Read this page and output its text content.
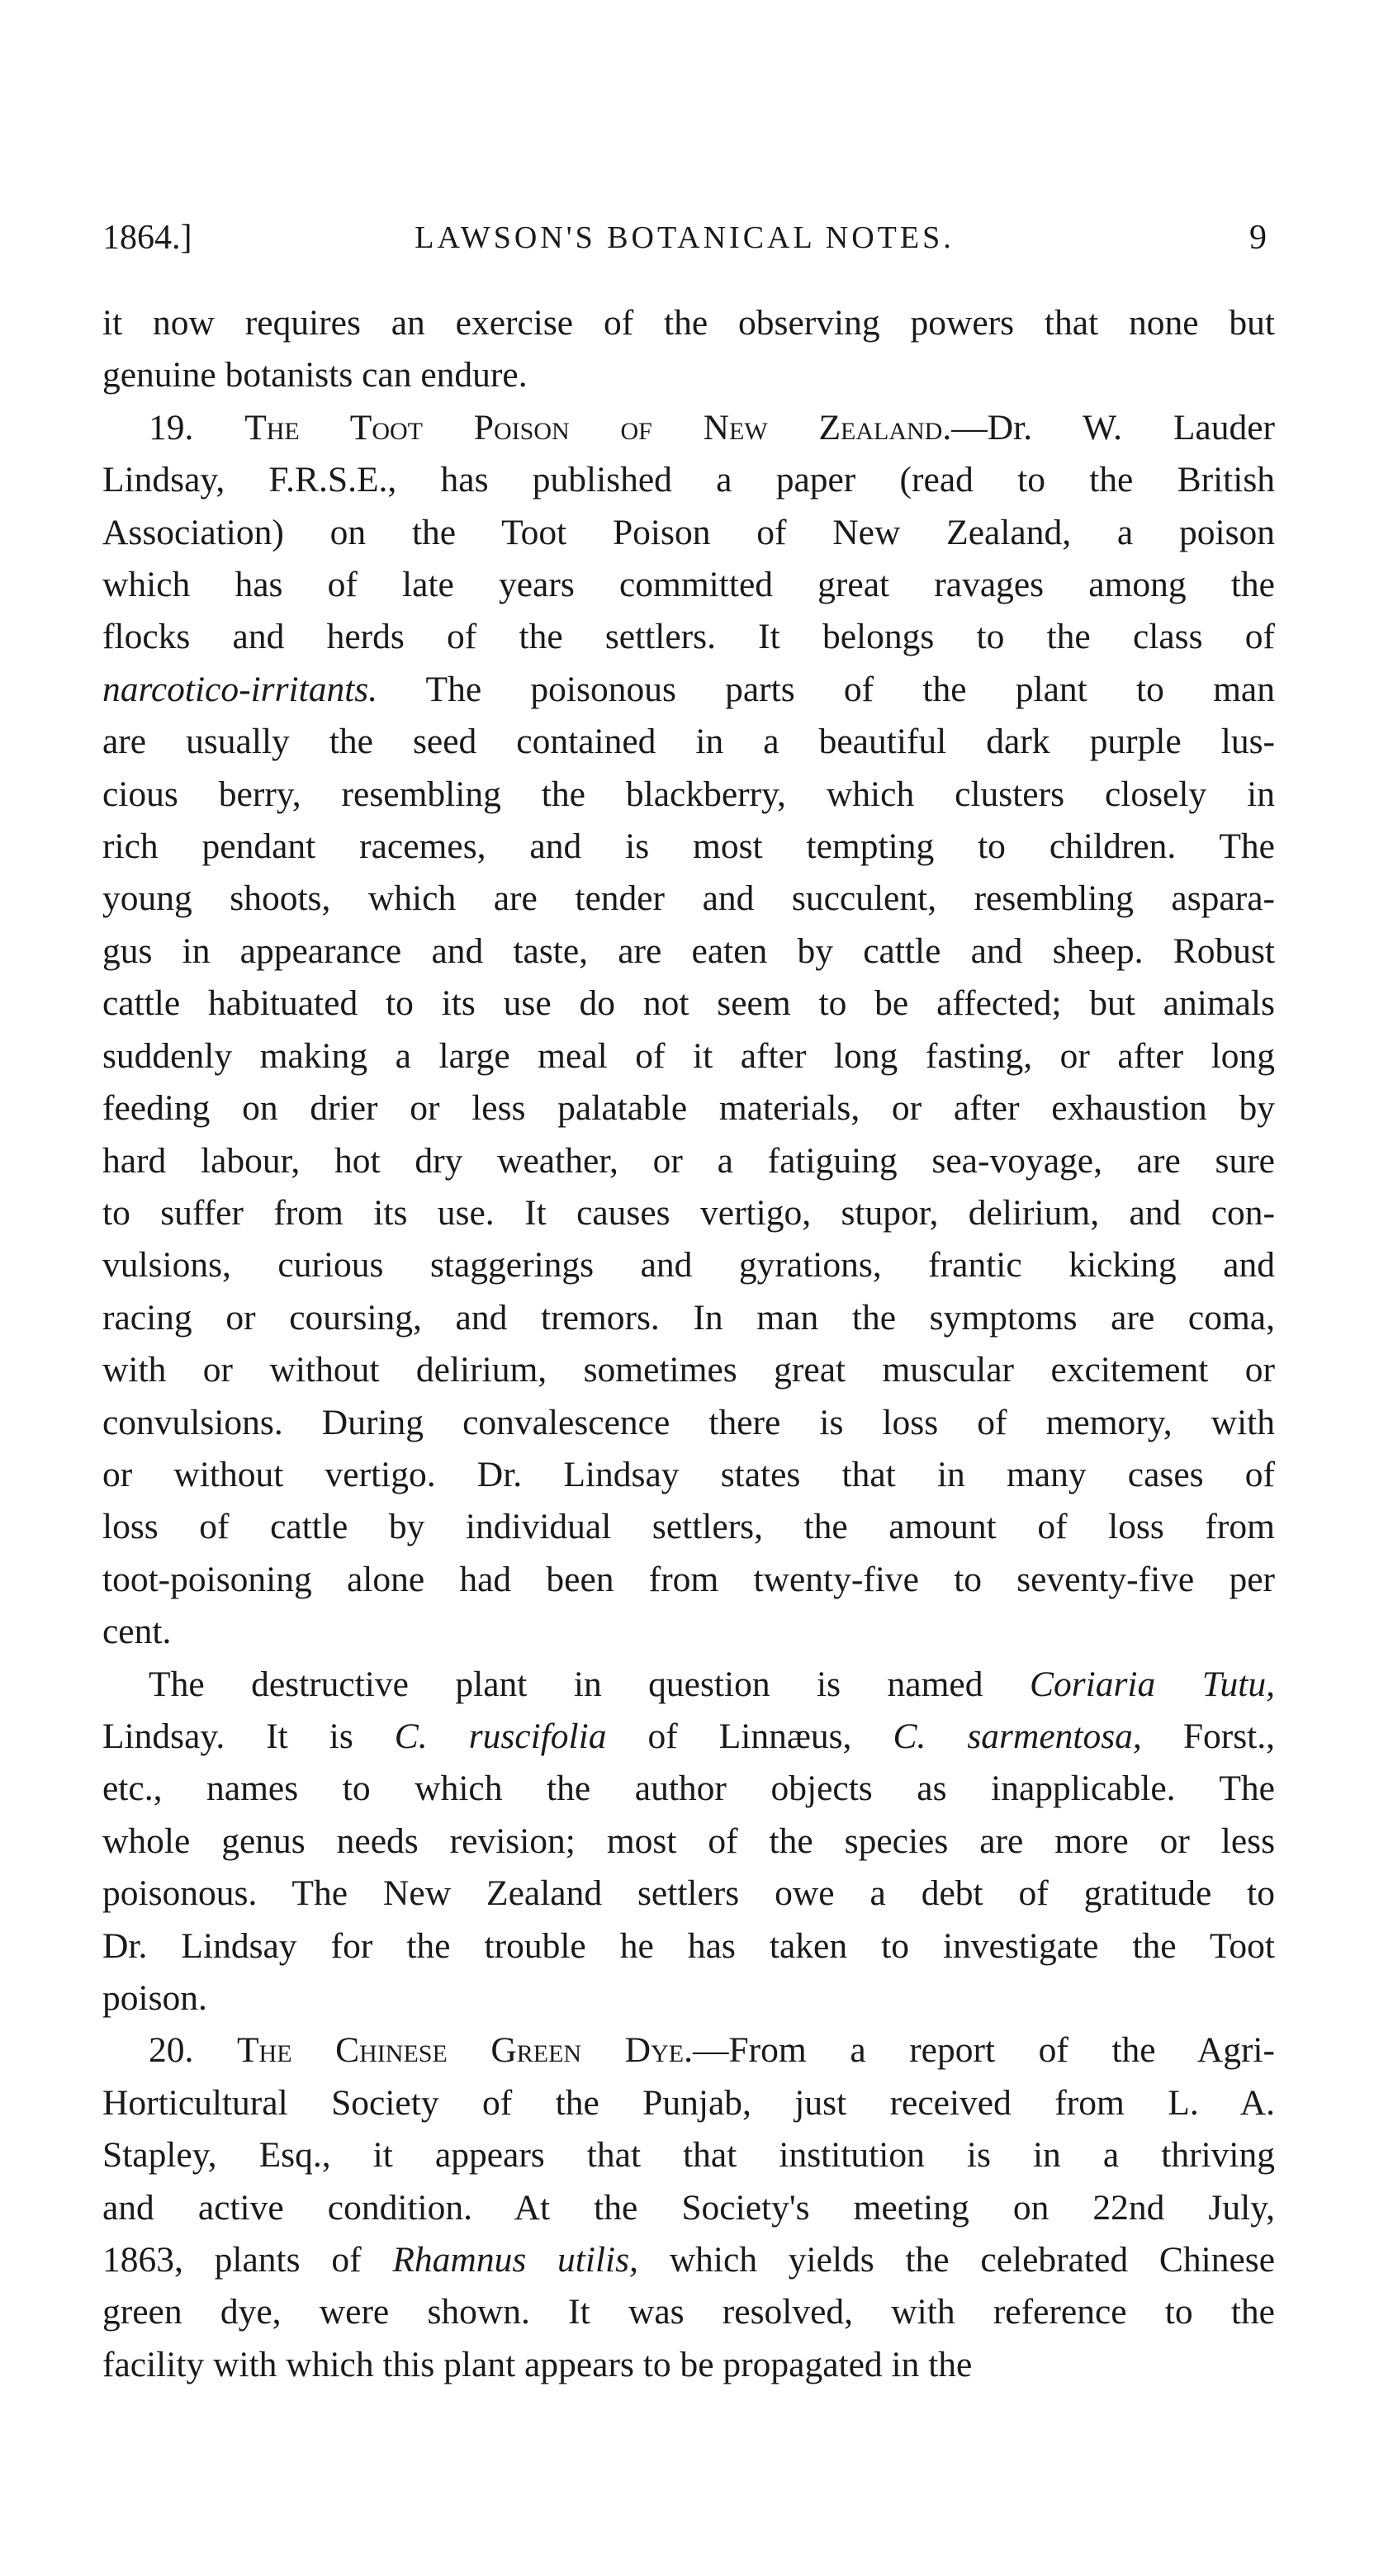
1864.]	LAWSON'S BOTANICAL NOTES.	9

it now requires an exercise of the observing powers that none but
genuine botanists can endure.

19. The Toot Poison of New Zealand.—Dr. W. Lauder
Lindsay, F.R.S.E., has published a paper (read to the British
Association) on the Toot Poison of New Zealand, a poison
which has of late years committed great ravages among the
flocks and herds of the settlers. It belongs to the class of
narcotico-irritants. The poisonous parts of the plant to man
are usually the seed contained in a beautiful dark purple lus-
cious berry, resembling the blackberry, which clusters closely in
rich pendant racemes, and is most tempting to children. The
young shoots, which are tender and succulent, resembling aspara-
gus in appearance and taste, are eaten by cattle and sheep. Robust
cattle habituated to its use do not seem to be affected; but animals
suddenly making a large meal of it after long fasting, or after long
feeding on drier or less palatable materials, or after exhaustion by
hard labour, hot dry weather, or a fatiguing sea-voyage, are sure
to suffer from its use. It causes vertigo, stupor, delirium, and con-
vulsions, curious staggerings and gyrations, frantic kicking and
racing or coursing, and tremors. In man the symptoms are coma,
with or without delirium, sometimes great muscular excitement or
convulsions. During convalescence there is loss of memory, with
or without vertigo. Dr. Lindsay states that in many cases of
loss of cattle by individual settlers, the amount of loss from
toot-poisoning alone had been from twenty-five to seventy-five per
cent.

The destructive plant in question is named Coriaria Tutu,
Lindsay. It is C. ruscifolia of Linnæus, C. sarmentosa, Forst.,
etc., names to which the author objects as inapplicable. The
whole genus needs revision; most of the species are more or less
poisonous. The New Zealand settlers owe a debt of gratitude to
Dr. Lindsay for the trouble he has taken to investigate the Toot
poison.

20. The Chinese Green Dye.—From a report of the Agri-
Horticultural Society of the Punjab, just received from L. A.
Stapley, Esq., it appears that that institution is in a thriving
and active condition. At the Society's meeting on 22nd July,
1863, plants of Rhamnus utilis, which yields the celebrated Chinese
green dye, were shown. It was resolved, with reference to the
facility with which this plant appears to be propagated in the
